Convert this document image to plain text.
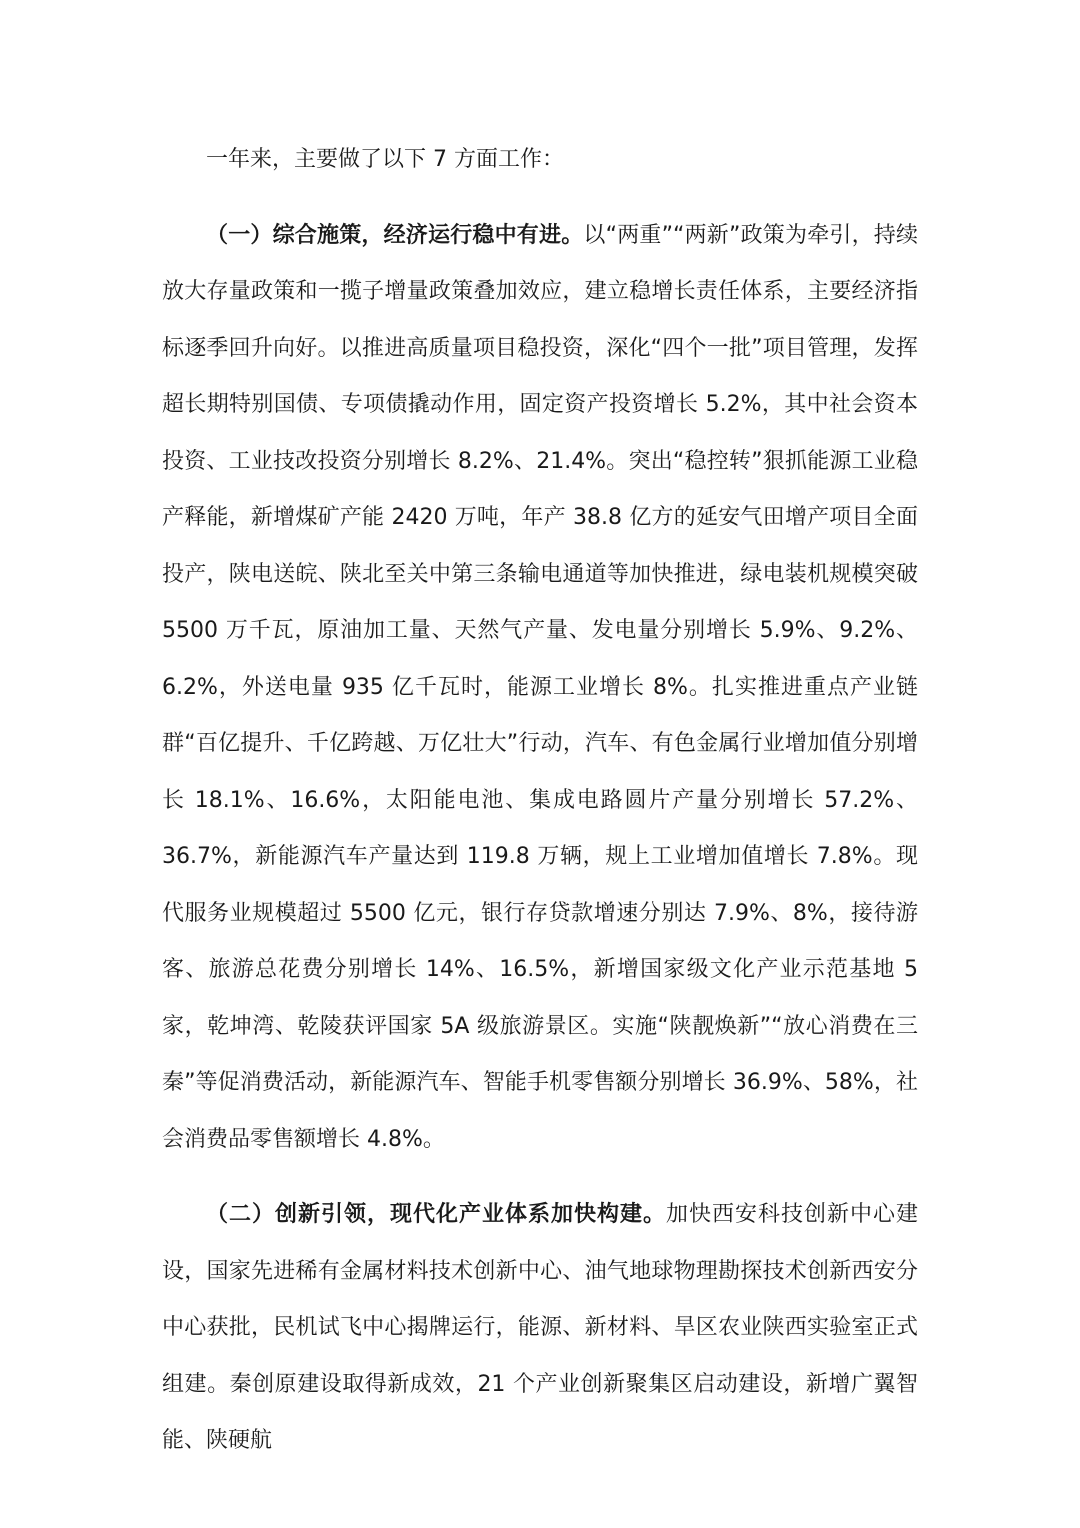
一年来，主要做了以下 7 方面工作：

（一）综合施策，经济运行稳中有进。以“两重”“两新”政策为牵引，持续放大存量政策和一揽子增量政策叠加效应，建立稳增长责任体系，主要经济指标逐季回升向好。以推进高质量项目稳投资，深化“四个一批”项目管理，发挥超长期特别国债、专项债撬动作用，固定资产投资增长 5.2%，其中社会资本投资、工业技改投资分别增长 8.2%、21.4%。突出“稳控转”狠抓能源工业稳产释能，新增煤矿产能 2420 万吨，年产 38.8 亿方的延安气田增产项目全面投产，陕电送皖、陕北至关中第三条输电通道等加快推进，绿电装机规模突破 5500 万千瓦，原油加工量、天然气产量、发电量分别增长 5.9%、9.2%、6.2%，外送电量 935 亿千瓦时，能源工业增长 8%。扎实推进重点产业链群“百亿提升、千亿跨越、万亿壮大”行动，汽车、有色金属行业增加值分别增长 18.1%、16.6%，太阳能电池、集成电路圆片产量分别增长 57.2%、36.7%，新能源汽车产量达到 119.8 万辆，规上工业增加值增长 7.8%。现代服务业规模超过 5500 亿元，银行存贷款增速分别达 7.9%、8%，接待游客、旅游总花费分别增长 14%、16.5%，新增国家级文化产业示范基地 5 家，乾坤湾、乾陵获评国家 5A 级旅游景区。实施“陕靓焕新”“放心消费在三秦”等促消费活动，新能源汽车、智能手机零售额分别增长 36.9%、58%，社会消费品零售额增长 4.8%。

（二）创新引领，现代化产业体系加快构建。加快西安科技创新中心建设，国家先进稀有金属材料技术创新中心、油气地球物理勘探技术创新西安分中心获批，民机试飞中心揭牌运行，能源、新材料、旱区农业陕西实验室正式组建。秦创原建设取得新成效，21 个产业创新聚集区启动建设，新增广翼智能、陕硬航
